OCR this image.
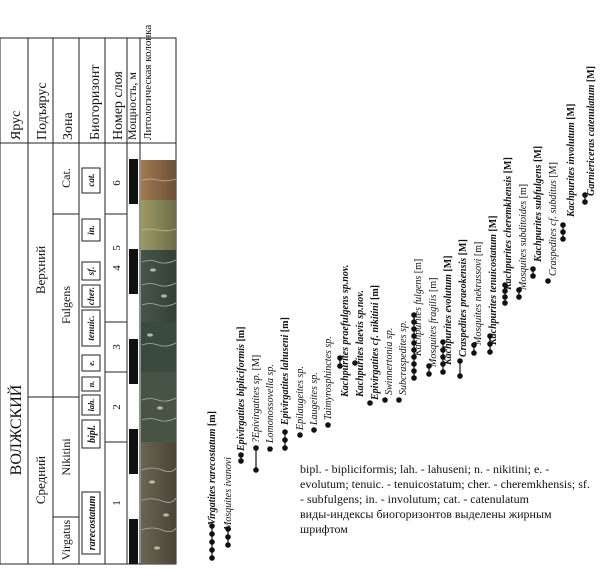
Ярус Подъярус Зона Биогоризонт Номер слоя Мощность, м Литологическая колонка
ВОЛЖСКИЙ
Средний
Верхний
Virgatus
Nikitini
Fulgens
Cat.
rarecostatum
bipl.
lah.
n.
e.
tenuic.
cher.
sf.
in.
cat.
1
2
3
4
5
6
Virgatites rarecostatum [m]
Mosquites ivanovi
Epivirgatites bipliciformis [m]
?Epivirgatites sp. [M]
Lomonossovella sp. Epivirgatites lahuseni [m]
Epilaugeites sp. Laugeites sp. Taimyrosphinctes sp. Kachpurites praefulgens sp.nov. Kachpurites laevis sp.nov. Epivirgatites cf. nikitini [m]
Swinnertonia sp. Subcraspedites sp.
Kachpurites fulgens [m]
Mosquites fragilis [m] Kachpurites evolutum [M] Craspedites praeokensis [M]
Mosquites nekrassovi [m] Kachpurites tenuicostatum [M] Kachpurites cheremkhensis [M]
Mosquites subditoides [m] Kachpurites subfulgens [M]
Craspedites cf. subditus [M] Kachpurites involutum [M] Garniericeras catenulatum [M]

bipl. - bipliciformis; lah. - lahuseni; n. - nikitini; e. - evolutum; tenuic. - tenuicostatum; cher. - cheremkhensis; sf. - subfulgens; in. - involutum; cat. - catenulatum

виды-индексы биогоризонтов выделены жирным шрифтом
